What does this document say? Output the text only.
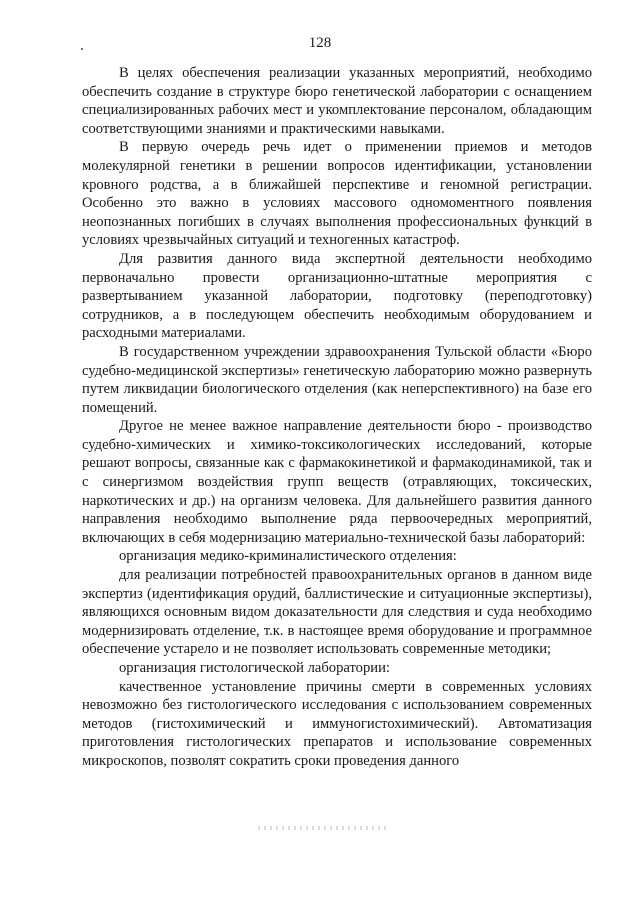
128

В целях обеспечения реализации указанных мероприятий, необходимо обеспечить создание в структуре бюро генетической лаборатории с оснащением специализированных рабочих мест и укомплектование персоналом, обладающим соответствующими знаниями и практическими навыками.

В первую очередь речь идет о применении приемов и методов молекулярной генетики в решении вопросов идентификации, установлении кровного родства, а в ближайшей перспективе и геномной регистрации. Особенно это важно в условиях массового одномоментного появления неопознанных погибших в случаях выполнения профессиональных функций в условиях чрезвычайных ситуаций и техногенных катастроф.

Для развития данного вида экспертной деятельности необходимо первоначально провести организационно-штатные мероприятия с развертыванием указанной лаборатории, подготовку (переподготовку) сотрудников, а в последующем обеспечить необходимым оборудованием и расходными материалами.

В государственном учреждении здравоохранения Тульской области «Бюро судебно-медицинской экспертизы» генетическую лабораторию можно развернуть путем ликвидации биологического отделения (как неперспективного) на базе его помещений.

Другое не менее важное направление деятельности бюро - производство судебно-химических и химико-токсикологических исследований, которые решают вопросы, связанные как с фармакокинетикой и фармакодинамикой, так и с синергизмом воздействия групп веществ (отравляющих, токсических, наркотических и др.) на организм человека. Для дальнейшего развития данного направления необходимо выполнение ряда первоочередных мероприятий, включающих в себя модернизацию материально-технической базы лабораторий:

организация медико-криминалистического отделения:

для реализации потребностей правоохранительных органов в данном виде экспертиз (идентификация орудий, баллистические и ситуационные экспертизы), являющихся основным видом доказательности для следствия и суда необходимо модернизировать отделение, т.к. в настоящее время оборудование и программное обеспечение устарело и не позволяет использовать современные методики;

организация гистологической лаборатории:

качественное установление причины смерти в современных условиях невозможно без гистологического исследования с использованием современных методов (гистохимический и иммуногистохимический). Автоматизация приготовления гистологических препаратов и использование современных микроскопов, позволят сократить сроки проведения данного
